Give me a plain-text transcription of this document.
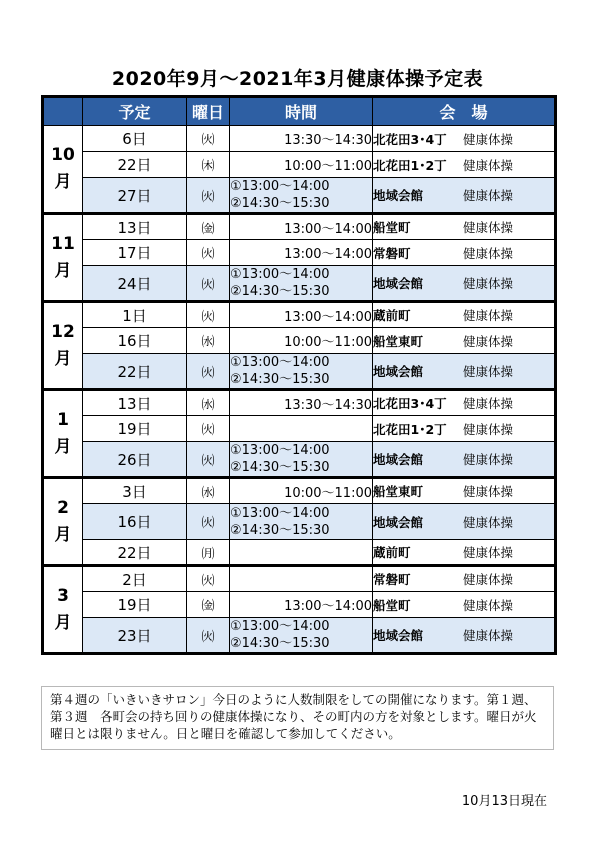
2020年9月～2021年3月健康体操予定表
	予定	曜日	時間	会　場
10
月	6日	㈫	13:30～14:30	北花田3･4丁 健康体操
	22日	㈭	10:00～11:00	北花田1･2丁 健康体操
	27日	㈫	①13:00～14:00
②14:30～15:30	地域会館 健康体操
11
月	13日	㈮	13:00～14:00	船堂町 健康体操
	17日	㈫	13:00～14:00	常磐町 健康体操
	24日	㈫	①13:00～14:00
②14:30～15:30	地域会館 健康体操
12
月	1日	㈫	13:00～14:00	蔵前町 健康体操
	16日	㈬	10:00～11:00	船堂東町 健康体操
	22日	㈫	①13:00～14:00
②14:30～15:30	地域会館 健康体操
1
月	13日	㈬	13:30～14:30	北花田3･4丁 健康体操
	19日	㈫		北花田1･2丁 健康体操
	26日	㈫	①13:00～14:00
②14:30～15:30	地域会館 健康体操
2
月	3日	㈬	10:00～11:00	船堂東町 健康体操
	16日	㈫	①13:00～14:00
②14:30～15:30	地域会館 健康体操
	22日	㈪		蔵前町 健康体操
3
月	2日	㈫		常磐町 健康体操
	19日	㈮	13:00～14:00	船堂町 健康体操
	23日	㈫	①13:00～14:00
②14:30～15:30	地域会館 健康体操
第４週の「いきいきサロン」今日のように人数制限をしての開催になります。第１週、第３週　各町会の持ち回りの健康体操になり、その町内の方を対象とします。曜日が火曜日とは限りません。日と曜日を確認して参加してください。
10月13日現在
